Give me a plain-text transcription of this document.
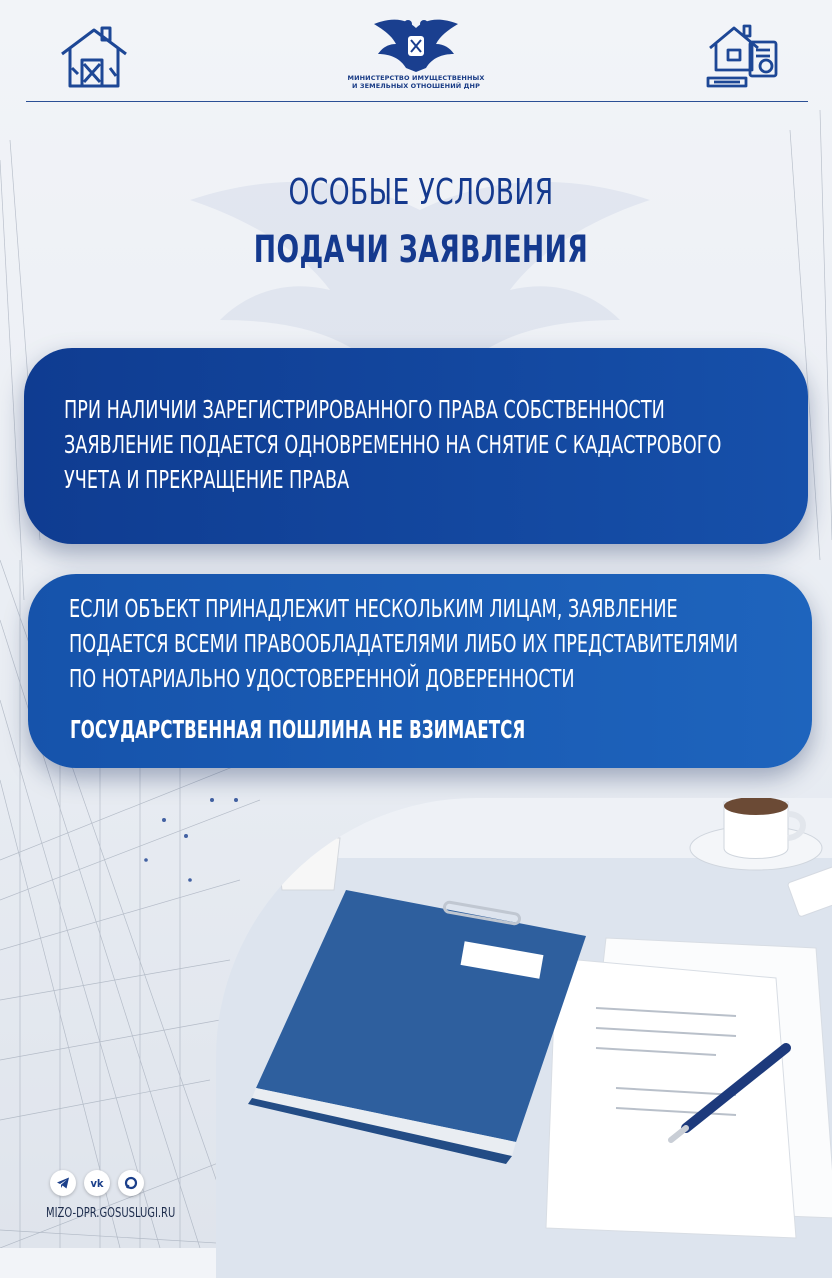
МИНИСТЕРСТВО ИМУЩЕСТВЕННЫХ
И ЗЕМЕЛЬНЫХ ОТНОШЕНИЙ ДНР
ОСОБЫЕ УСЛОВИЯ
ПОДАЧИ ЗАЯВЛЕНИЯ
ПРИ НАЛИЧИИ ЗАРЕГИСТРИРОВАННОГО ПРАВА СОБСТВЕННОСТИ
ЗАЯВЛЕНИЕ ПОДАЕТСЯ ОДНОВРЕМЕННО НА СНЯТИЕ С КАДАСТРОВОГО
УЧЕТА И ПРЕКРАЩЕНИЕ ПРАВА
ЕСЛИ ОБЪЕКТ ПРИНАДЛЕЖИТ НЕСКОЛЬКИМ ЛИЦАМ, ЗАЯВЛЕНИЕ
ПОДАЕТСЯ ВСЕМИ ПРАВООБЛАДАТЕЛЯМИ ЛИБО ИХ ПРЕДСТАВИТЕЛЯМИ
ПО НОТАРИАЛЬНО УДОСТОВЕРЕННОЙ ДОВЕРЕННОСТИ
ГОСУДАРСТВЕННАЯ ПОШЛИНА НЕ ВЗИМАЕТСЯ
vk
MIZO-DPR.GOSUSLUGI.RU
